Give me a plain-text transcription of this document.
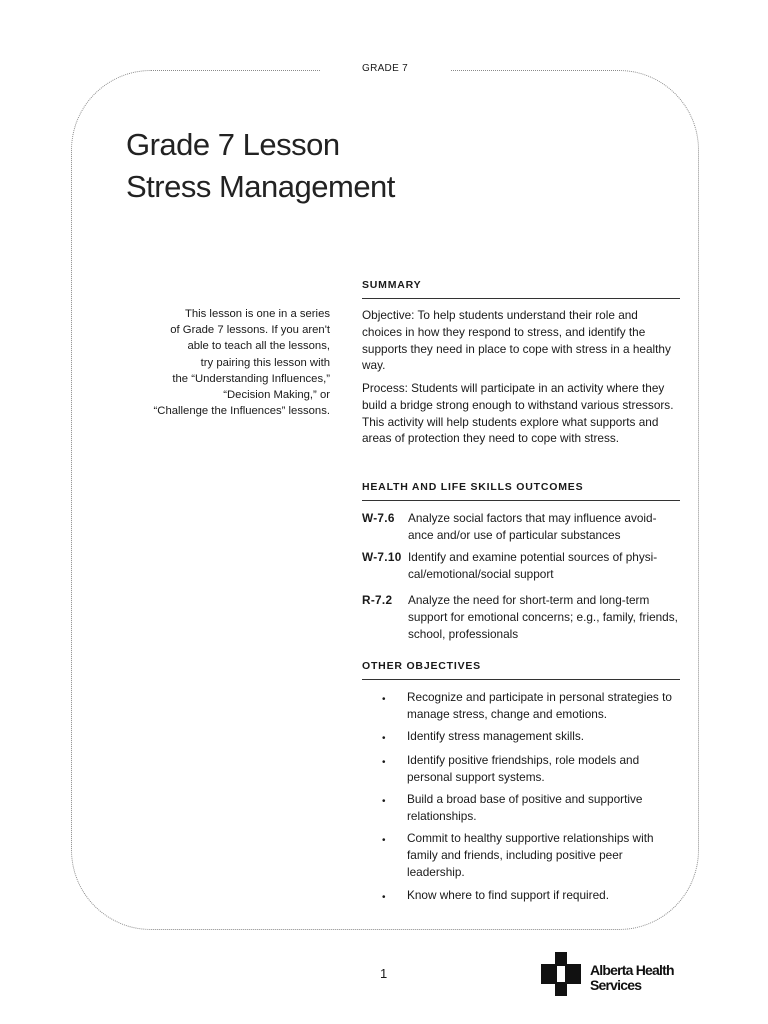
GRADE 7
Grade 7 Lesson
Stress Management
This lesson is one in a series
of Grade 7 lessons. If you aren't
able to teach all the lessons,
try pairing this lesson with
the “Understanding Influences,”
“Decision Making,” or
“Challenge the Influences” lessons.

SUMMARY

Objective: To help students understand their role and choices in how they respond to stress, and identify the supports they need in place to cope with stress in a healthy way.

Process: Students will participate in an activity where they build a bridge strong enough to withstand various stressors. This activity will help students explore what supports and areas of protection they need to cope with stress.

HEALTH AND LIFE SKILLS OUTCOMES

W-7.6 Analyze social factors that may influence avoid-ance and/or use of particular substances
W-7.10 Identify and examine potential sources of physi-cal/emotional/social support
R-7.2 Analyze the need for short-term and long-term support for emotional concerns; e.g., family, friends, school, professionals

OTHER OBJECTIVES

• Recognize and participate in personal strategies to manage stress, change and emotions.
• Identify stress management skills.
• Identify positive friendships, role models and personal support systems.
• Build a broad base of positive and supportive relationships.
• Commit to healthy supportive relationships with family and friends, including positive peer leadership.
• Know where to find support if required.
1	Alberta Health
Services
